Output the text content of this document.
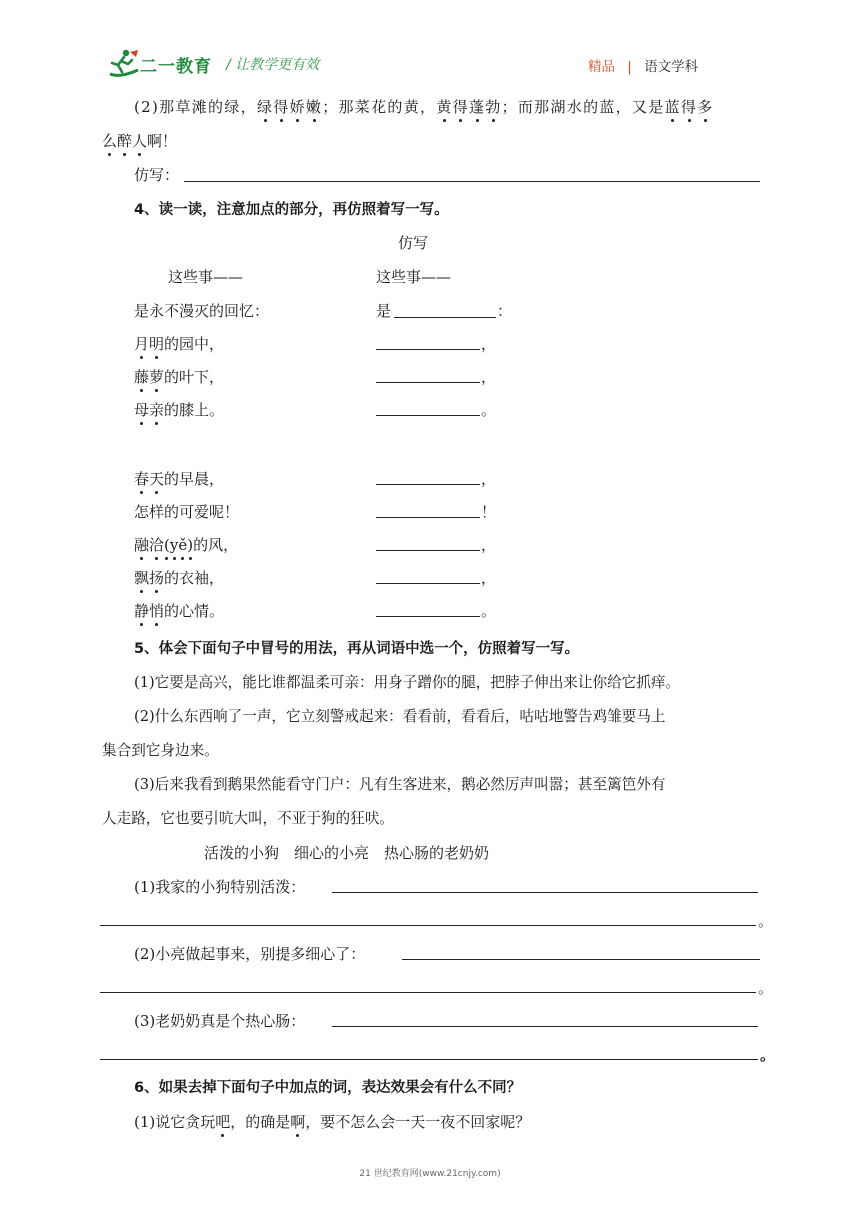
二一教育 / 让教学更有效	精品 | 语文学科
(2)那草滩的绿，绿得娇嫩；那菜花的黄，黄得蓬勃；而那湖水的蓝，又是蓝得多
么醉人啊！
仿写：
4、读一读，注意加点的部分，再仿照着写一写。
仿写
这些事——	这些事——
是永不漫灭的回忆：	是	：
月明的园中，	，
藤萝的叶下，	，
母亲的膝上。	。
春天的早晨，	，
怎样的可爱呢！	！
融洽(yě)的风，	，
飘扬的衣袖，	，
静悄的心情。	。
5、体会下面句子中冒号的用法，再从词语中选一个，仿照着写一写。
(1)它要是高兴，能比谁都温柔可亲：用身子蹭你的腿，把脖子伸出来让你给它抓痒。
(2)什么东西响了一声，它立刻警戒起来：看看前，看看后，咕咕地警告鸡雏要马上
集合到它身边来。
(3)后来我看到鹅果然能看守门户：凡有生客进来，鹅必然厉声叫嚣；甚至篱笆外有
人走路，它也要引吭大叫，不亚于狗的狂吠。
活泼的小狗　细心的小亮　热心肠的老奶奶
(1)我家的小狗特别活泼：
。
(2)小亮做起事来，别提多细心了：
。
(3)老奶奶真是个热心肠：
。
6、如果去掉下面句子中加点的词，表达效果会有什么不同？
(1)说它贪玩吧，的确是啊，要不怎么会一天一夜不回家呢？
21 世纪教育网(www.21cnjy.com)
